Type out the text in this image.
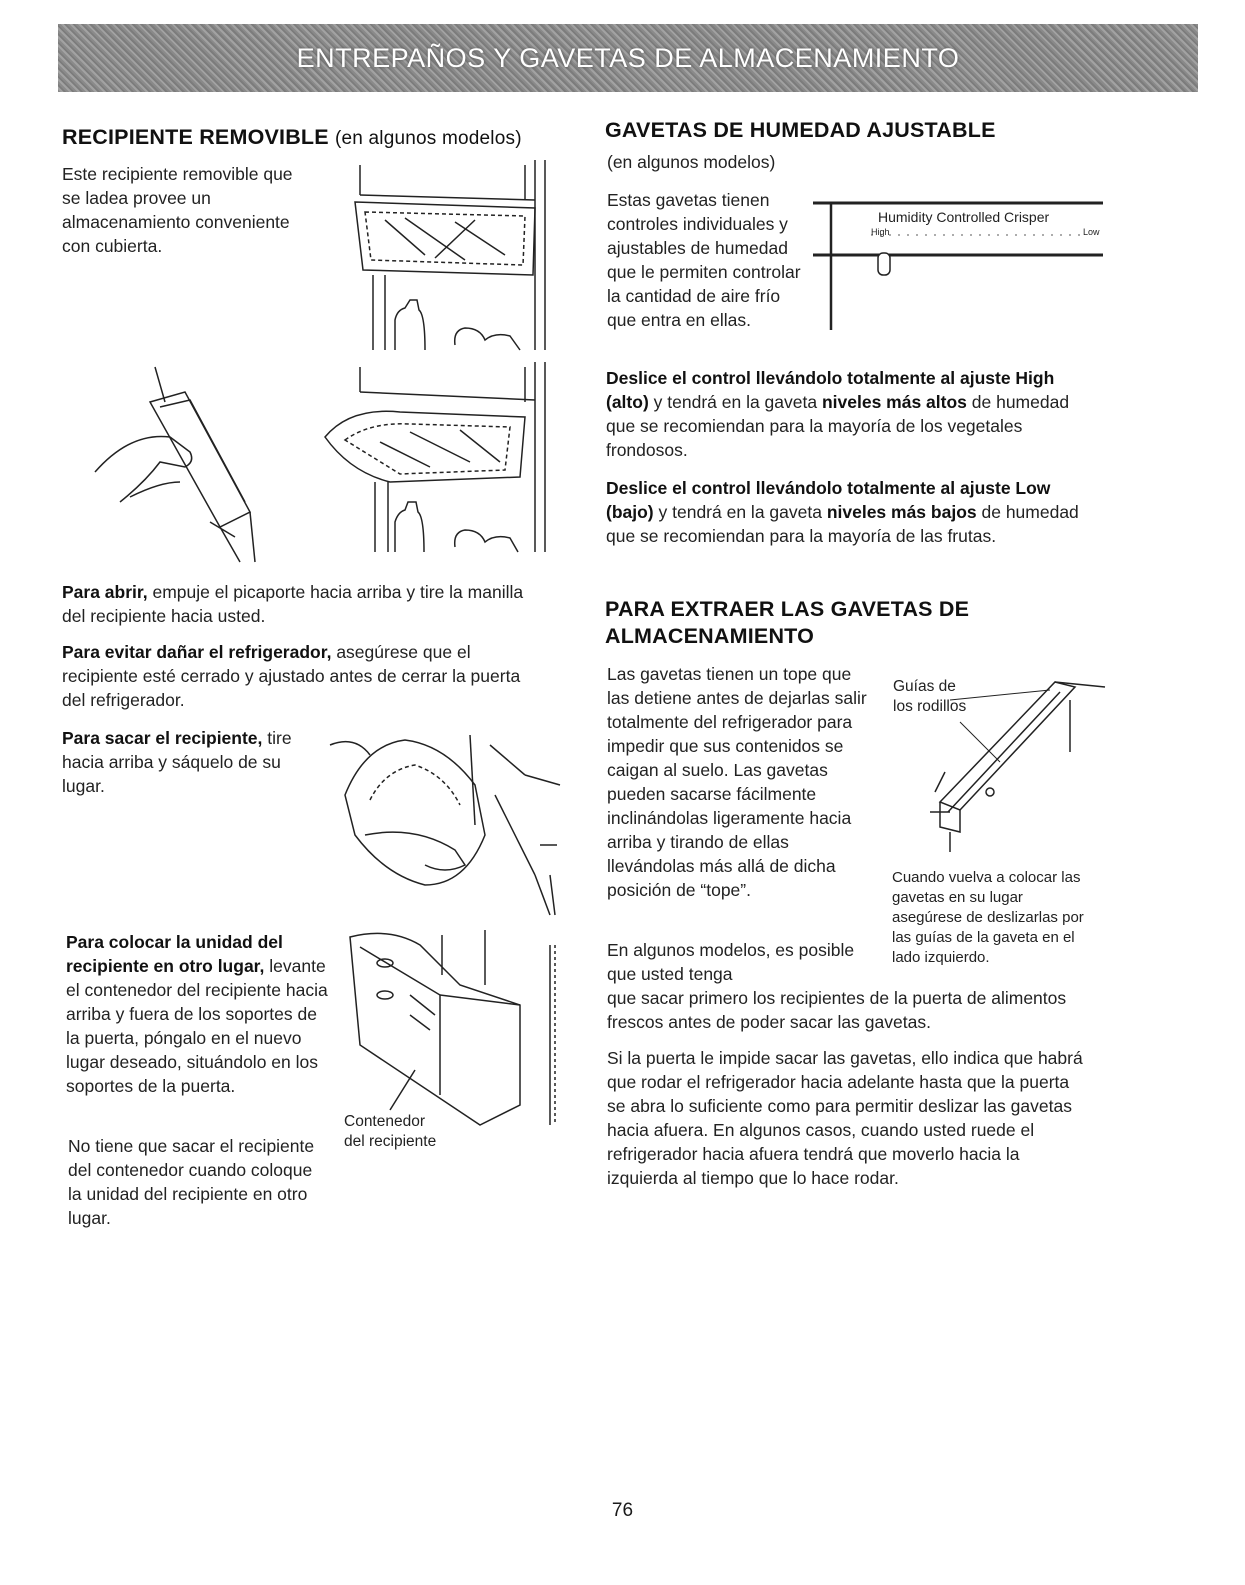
ENTREPAÑOS Y GAVETAS DE ALMACENAMIENTO
RECIPIENTE REMOVIBLE (en algunos modelos)

Este recipiente removible que se ladea provee un almacenamiento conveniente con cubierta.

Para abrir, empuje el picaporte hacia arriba y tire la manilla del recipiente hacia usted.

Para evitar dañar el refrigerador, asegúrese que el recipiente esté cerrado y ajustado antes de cerrar la puerta del refrigerador.

Para sacar el recipiente, tire hacia arriba y sáquelo de su lugar.

Para colocar la unidad del recipiente en otro lugar, levante el contenedor del recipiente hacia arriba y fuera de los soportes de la puerta, póngalo en el nuevo lugar deseado, situándolo en los soportes de la puerta.

No tiene que sacar el recipiente del contenedor cuando coloque la unidad del recipiente en otro lugar.

Contenedor del recipiente

GAVETAS DE HUMEDAD AJUSTABLE

(en algunos modelos)

Estas gavetas tienen controles individuales y ajustables de humedad que le permiten controlar la cantidad de aire frío que entra en ellas.

Humidity Controlled Crisper
High	Low

Deslice el control llevándolo totalmente al ajuste High (alto) y tendrá en la gaveta niveles más altos de humedad que se recomiendan para la mayoría de los vegetales frondosos.

Deslice el control llevándolo totalmente al ajuste Low (bajo) y tendrá en la gaveta niveles más bajos de humedad que se recomiendan para la mayoría de las frutas.

PARA EXTRAER LAS GAVETAS DE ALMACENAMIENTO

Las gavetas tienen un tope que las detiene antes de dejarlas salir totalmente del refrigerador para impedir que sus contenidos se caigan al suelo. Las gavetas pueden sacarse fácilmente inclinándolas ligeramente hacia arriba y tirando de ellas llevándolas más allá de dicha posición de “tope”.

Guías de los rodillos

Cuando vuelva a colocar las gavetas en su lugar asegúrese de deslizarlas por las guías de la gaveta en el lado izquierdo.

En algunos modelos, es posible que usted tenga

que sacar primero los recipientes de la puerta de alimentos frescos antes de poder sacar las gavetas.

Si la puerta le impide sacar las gavetas, ello indica que habrá que rodar el refrigerador hacia adelante hasta que la puerta se abra lo suficiente como para permitir deslizar las gavetas hacia afuera. En algunos casos, cuando usted ruede el refrigerador hacia afuera tendrá que moverlo hacia la izquierda al tiempo que lo hace rodar.

76
